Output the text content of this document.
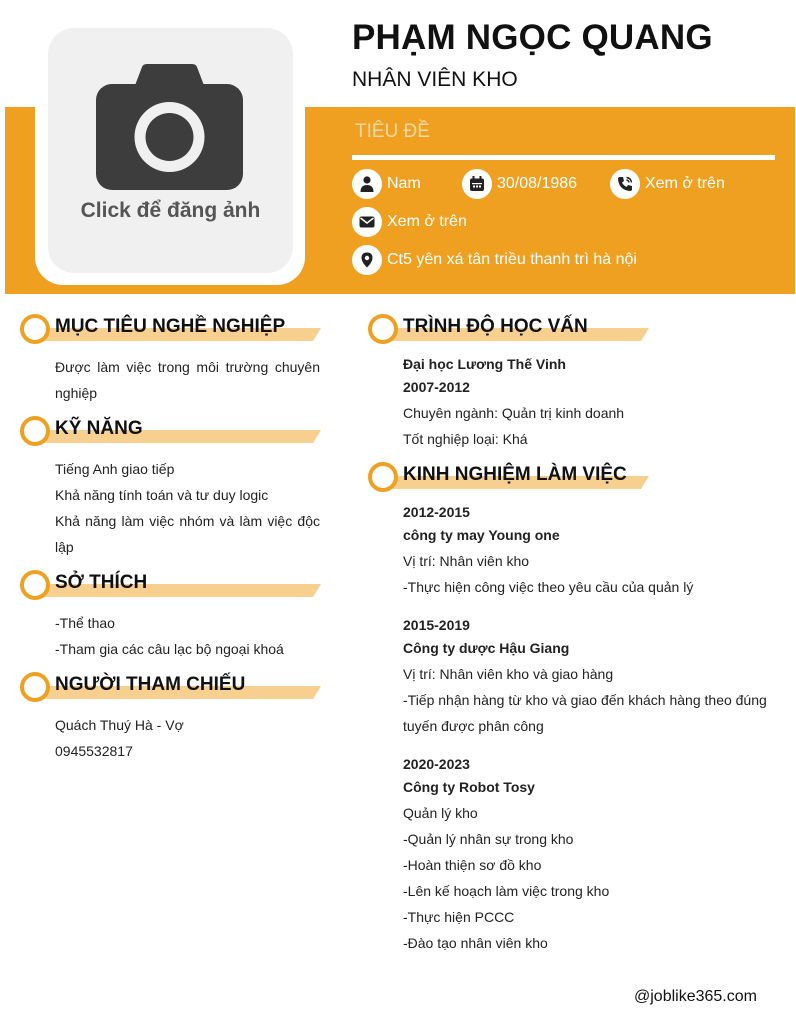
Click để đăng ảnh
PHẠM NGỌC QUANG
NHÂN VIÊN KHO
TIÊU ĐỀ
Nam	30/08/1986	Xem ở trên
Xem ở trên
Ct5 yên xá tân triều thanh trì hà nội
MỤC TIÊU NGHỀ NGHIỆP
Được làm việc trong môi trường chuyên nghiệp
KỸ NĂNG
Tiếng Anh giao tiếp
Khả năng tính toán và tư duy logic
Khả năng làm việc nhóm và làm việc độc lập
SỞ THÍCH
-Thể thao
-Tham gia các câu lạc bộ ngoại khoá
NGƯỜI THAM CHIẾU
Quách Thuý Hà - Vợ
0945532817
TRÌNH ĐỘ HỌC VẤN
Đại học Lương Thế Vinh
2007-2012
Chuyên ngành: Quản trị kinh doanh
Tốt nghiệp loại: Khá
KINH NGHIỆM LÀM VIỆC
2012-2015
công ty may Young one
Vị trí: Nhân viên kho
-Thực hiện công việc theo yêu cầu của quản lý
2015-2019
Công ty dược Hậu Giang
Vị trí: Nhân viên kho và giao hàng
-Tiếp nhận hàng từ kho và giao đến khách hàng theo đúng tuyến được phân công
2020-2023
Công ty Robot Tosy
Quản lý kho
-Quản lý nhân sự trong kho
-Hoàn thiện sơ đồ kho
-Lên kế hoạch làm việc trong kho
-Thực hiện PCCC
-Đào tạo nhân viên kho
@joblike365.com
